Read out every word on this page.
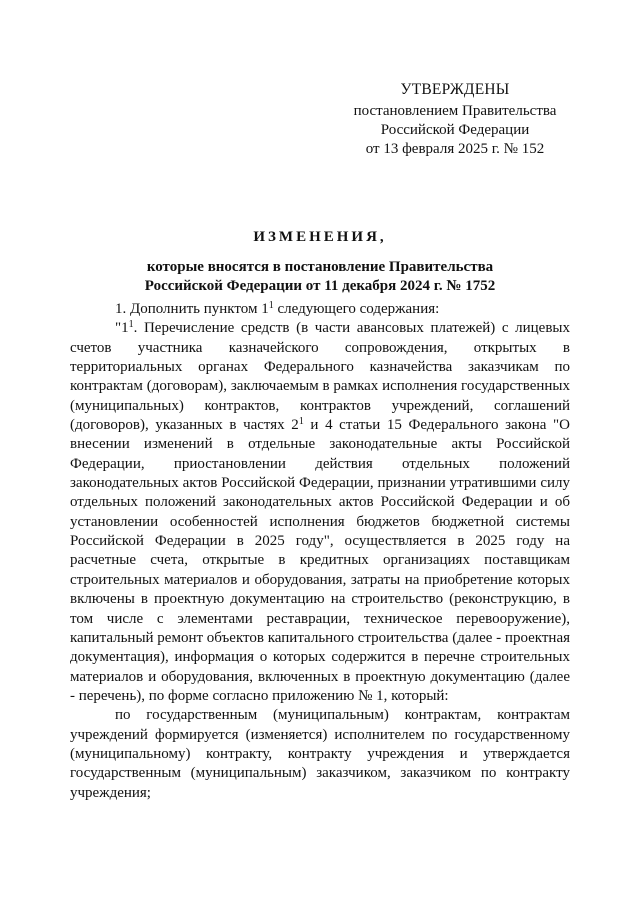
УТВЕРЖДЕНЫ
постановлением Правительства
Российской Федерации
от 13 февраля 2025 г. № 152
ИЗМЕНЕНИЯ,
которые вносятся в постановление Правительства
Российской Федерации от 11 декабря 2024 г. № 1752

1. Дополнить пунктом $1^1$ следующего содержания:

"$1^1$. Перечисление средств (в части авансовых платежей) с лицевых счетов участника казначейского сопровождения, открытых в территориальных органах Федерального казначейства заказчикам по контрактам (договорам), заключаемым в рамках исполнения государственных (муниципальных) контрактов, контрактов учреждений, соглашений (договоров), указанных в частях $2^1$ и 4 статьи 15 Федерального закона "О внесении изменений в отдельные законодательные акты Российской Федерации, приостановлении действия отдельных положений законодательных актов Российской Федерации, признании утратившими силу отдельных положений законодательных актов Российской Федерации и об установлении особенностей исполнения бюджетов бюджетной системы Российской Федерации в 2025 году", осуществляется в 2025 году на расчетные счета, открытые в кредитных организациях поставщикам строительных материалов и оборудования, затраты на приобретение которых включены в проектную документацию на строительство (реконструкцию, в том числе с элементами реставрации, техническое перевооружение), капитальный ремонт объектов капитального строительства (далее - проектная документация), информация о которых содержится в перечне строительных материалов и оборудования, включенных в проектную документацию (далее - перечень), по форме согласно приложению № 1, который:

по государственным (муниципальным) контрактам, контрактам учреждений формируется (изменяется) исполнителем по государственному (муниципальному) контракту, контракту учреждения и утверждается государственным (муниципальным) заказчиком, заказчиком по контракту учреждения;
